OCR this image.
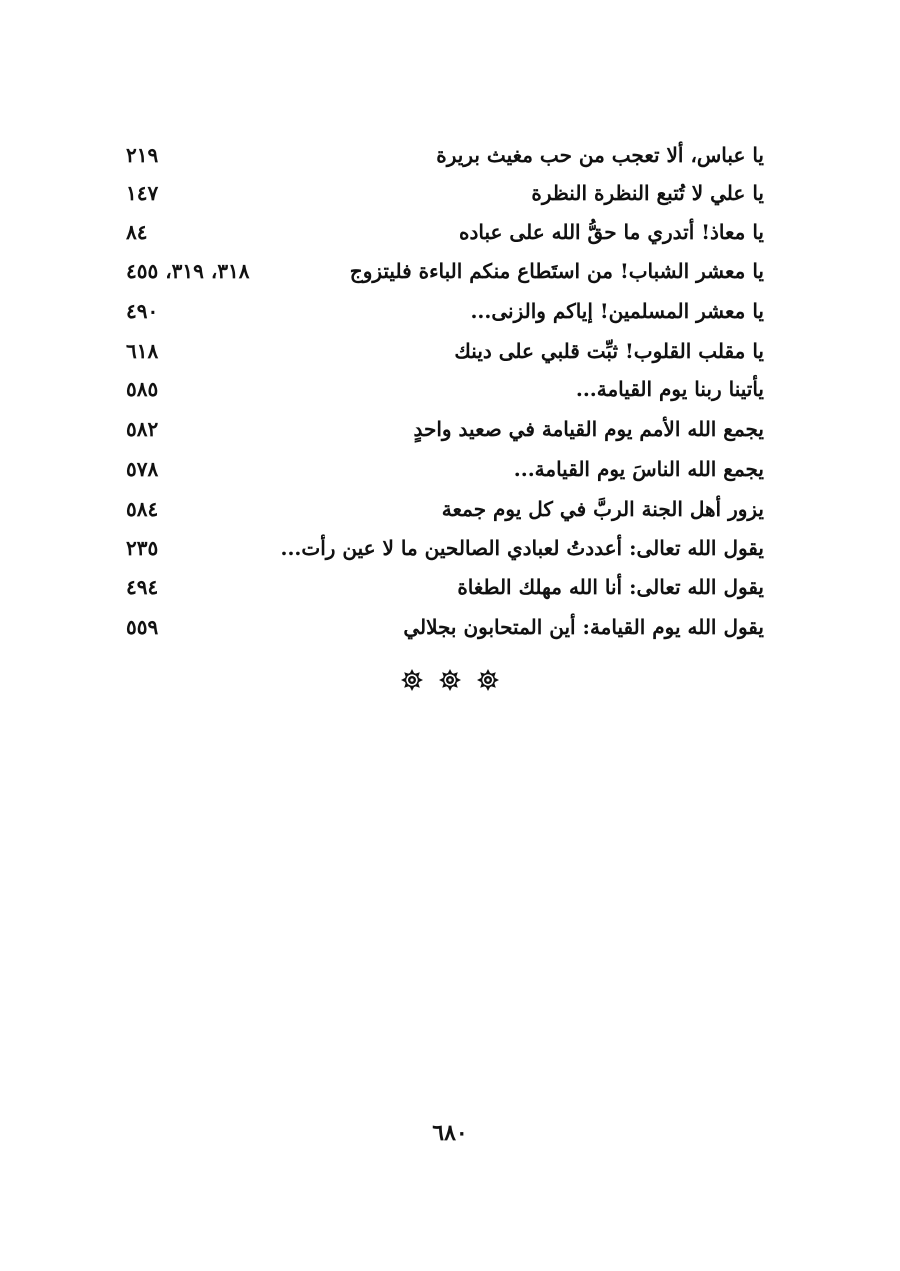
يا عباس، ألا تعجب من حب مغيث بريرة
٢١٩
يا علي لا تُتبع النظرة النظرة
١٤٧
يا معاذ! أتدري ما حقُّ الله على عباده
٨٤
يا معشر الشباب! من استَطاع منكم الباءة فليتزوج
٣١٨، ٣١٩، ٤٥٥
يا معشر المسلمين! إياكم والزنى...
٤٩٠
يا مقلب القلوب! ثبِّت قلبي على دينك
٦١٨
يأتينا ربنا يوم القيامة...
٥٨٥
يجمع الله الأمم يوم القيامة في صعيد واحدٍ
٥٨٢
يجمع الله الناسَ يوم القيامة...
٥٧٨
يزور أهل الجنة الربَّ في كل يوم جمعة
٥٨٤
يقول الله تعالى: أعددتُ لعبادي الصالحين ما لا عين رأت...
٢٣٥
يقول الله تعالى: أنا الله مهلك الطغاة
٤٩٤
يقول الله يوم القيامة: أين المتحابون بجلالي
٥٥٩
٦٨٠
